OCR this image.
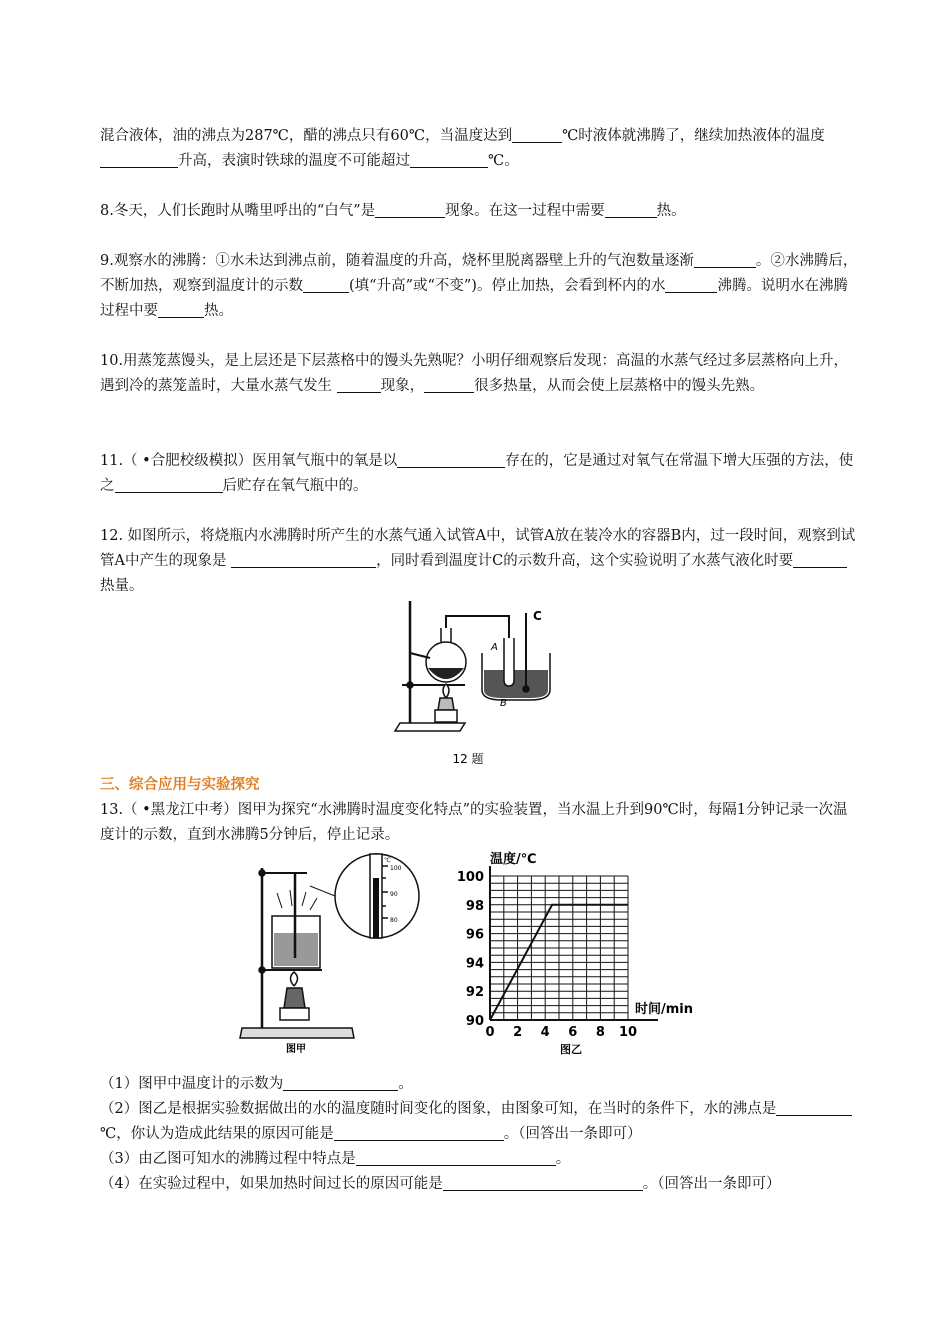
混合液体，油的沸点为287℃，醋的沸点只有60℃，当温度达到	℃时液体就沸腾了，继续加热液体的温度升高，表演时铁球的温度不可能超过	℃。

8.冬天，人们长跑时从嘴里呼出的“白气”是	现象。在这一过程中需要	热。

9.观察水的沸腾：①水未达到沸点前，随着温度的升高，烧杯里脱离器壁上升的气泡数量逐渐	。②水沸腾后，不断加热，观察到温度计的示数	(填“升高”或“不变”)。停止加热，会看到杯内的水	沸腾。说明水在沸腾过程中要	热。

10.用蒸笼蒸馒头，是上层还是下层蒸格中的馒头先熟呢？小明仔细观察后发现：高温的水蒸气经过多层蒸格向上升，遇到冷的蒸笼盖时，大量水蒸气发生	现象，	很多热量，从而会使上层蒸格中的馒头先熟。

11.（ •合肥校级模拟）医用氧气瓶中的氧是以	存在的，它是通过对氧气在常温下增大压强的方法，使之	后贮存在氧气瓶中的。

12. 如图所示，将烧瓶内水沸腾时所产生的水蒸气通入试管A中，试管A放在装冷水的容器B内，过一段时间，观察到试管A中产生的现象是	，同时看到温度计C的示数升高，这个实验说明了水蒸气液化时要热量。

A
B
C
12 题
三、综合应用与实验探究

13.（ •黑龙江中考）图甲为探究“水沸腾时温度变化特点”的实验装置，当水温上升到90℃时，每隔1分钟记录一次温度计的示数，直到水沸腾5分钟后，停止记录。

℃
100
90
80
图甲
0 2 4 6 8 10
90
92
94
96
98
100
温度/℃
时间/min
图乙

（1）图甲中温度计的示数为	。

（2）图乙是根据实验数据做出的水的温度随时间变化的图象，由图象可知，在当时的条件下，水的沸点是℃，你认为造成此结果的原因可能是	。（回答出一条即可）

（3）由乙图可知水的沸腾过程中特点是	。

（4）在实验过程中，如果加热时间过长的原因可能是	。（回答出一条即可）
